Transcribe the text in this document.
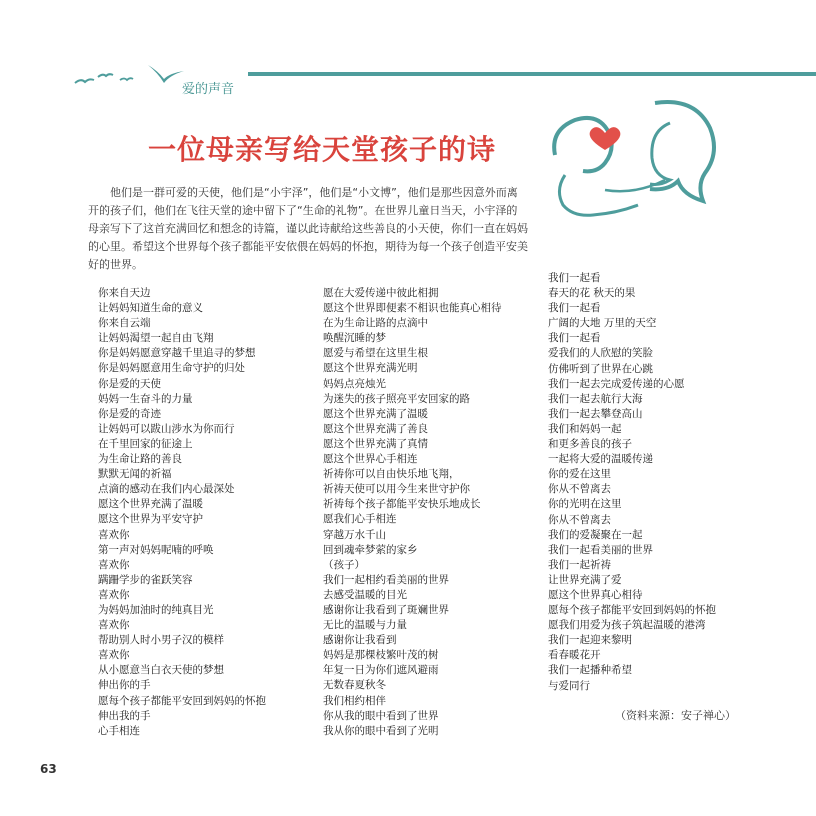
爱的声音
一位母亲写给天堂孩子的诗

他们是一群可爱的天使，他们是“小宇泽”，他们是“小文博”，他们是那些因意外而离开的孩子们，他们在飞往天堂的途中留下了“生命的礼物”。在世界儿童日当天，小宇泽的母亲写下了这首充满回忆和想念的诗篇，谨以此诗献给这些善良的小天使，你们一直在妈妈的心里。希望这个世界每个孩子都能平安依偎在妈妈的怀抱，期待为每一个孩子创造平安美好的世界。

你来自天边
让妈妈知道生命的意义
你来自云端
让妈妈渴望一起自由飞翔
你是妈妈愿意穿越千里追寻的梦想
你是妈妈愿意用生命守护的归处
你是爱的天使
妈妈一生奋斗的力量
你是爱的奇迹
让妈妈可以跋山涉水为你而行
在千里回家的征途上
为生命让路的善良
默默无闻的祈福
点滴的感动在我们内心最深处
愿这个世界充满了温暖
愿这个世界为平安守护
喜欢你
第一声对妈妈呢喃的呼唤
喜欢你
蹒跚学步的雀跃笑容
喜欢你
为妈妈加油时的纯真目光
喜欢你
帮助别人时小男子汉的模样
喜欢你
从小愿意当白衣天使的梦想
伸出你的手
愿每个孩子都能平安回到妈妈的怀抱
伸出我的手
心手相连
愿在大爱传递中彼此相拥
愿这个世界即便素不相识也能真心相待
在为生命让路的点滴中
唤醒沉睡的梦
愿爱与希望在这里生根
愿这个世界充满光明
妈妈点亮烛光
为迷失的孩子照亮平安回家的路
愿这个世界充满了温暖
愿这个世界充满了善良
愿这个世界充满了真情
愿这个世界心手相连
祈祷你可以自由快乐地飞翔，
祈祷天使可以用今生来世守护你
祈祷每个孩子都能平安快乐地成长
愿我们心手相连
穿越万水千山
回到魂牵梦萦的家乡
（孩子）
我们一起相约看美丽的世界
去感受温暖的目光
感谢你让我看到了斑斓世界
无比的温暖与力量
感谢你让我看到
妈妈是那棵枝繁叶茂的树
年复一日为你们遮风避雨
无数春夏秋冬
我们相约相伴
你从我的眼中看到了世界
我从你的眼中看到了光明
我们一起看
春天的花 秋天的果
我们一起看
广阔的大地 万里的天空
我们一起看
爱我们的人欣慰的笑脸
仿佛听到了世界在心跳
我们一起去完成爱传递的心愿
我们一起去航行大海
我们一起去攀登高山
我们和妈妈一起
和更多善良的孩子
一起将大爱的温暖传递
你的爱在这里
你从不曾离去
你的光明在这里
你从不曾离去
我们的爱凝聚在一起
我们一起看美丽的世界
我们一起祈祷
让世界充满了爱
愿这个世界真心相待
愿每个孩子都能平安回到妈妈的怀抱
愿我们用爱为孩子筑起温暖的港湾
我们一起迎来黎明
看春暖花开
我们一起播种希望
与爱同行
（资料来源：安子禅心）
63
